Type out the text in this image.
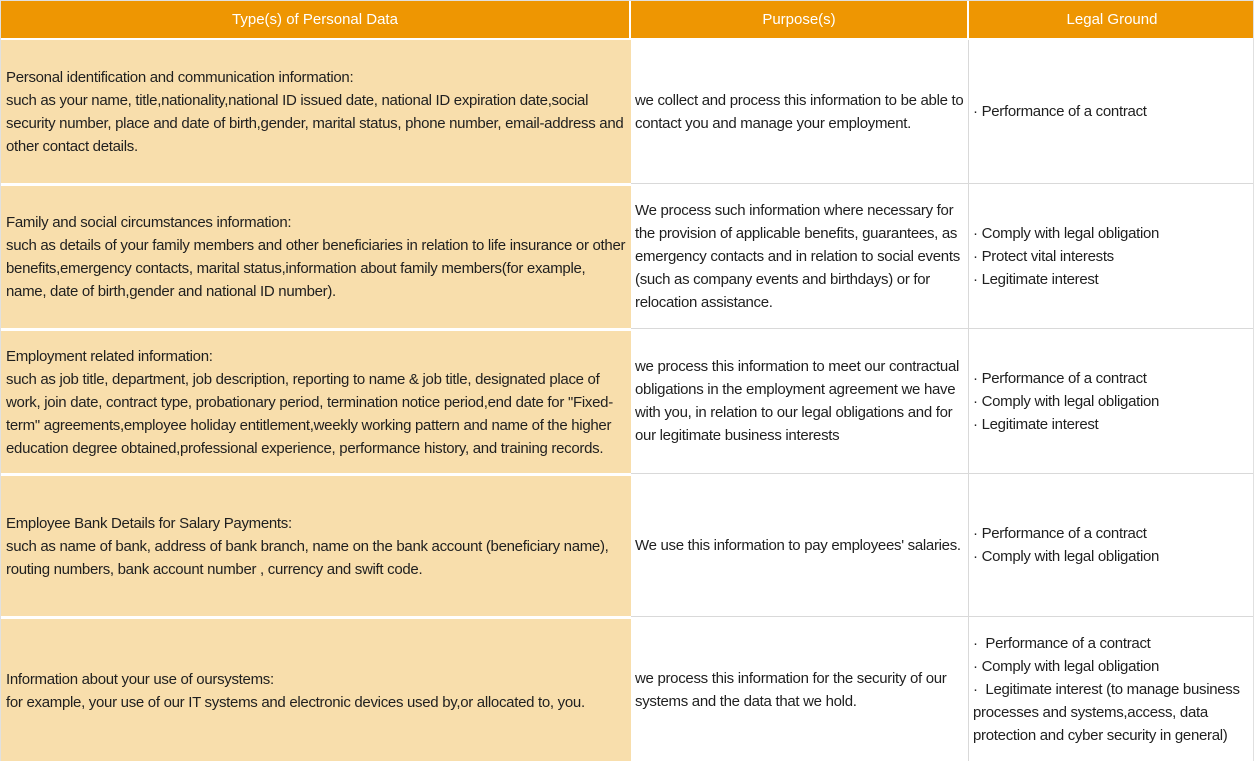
Type(s) of Personal Data	Purpose(s)	Legal Ground
Personal identification and communication information:
such as your name, title,nationality,national ID issued date, national ID expiration date,social security number, place and date of birth,gender, marital status, phone number, email-address and other contact details.
we collect and process this information to be able to contact you and manage your employment.
· Performance of a contract
Family and social circumstances information:
such as details of your family members and other beneficiaries in relation to life insurance or other benefits,emergency contacts, marital status,information about family members(for example, name, date of birth,gender and national ID number).
We process such information where necessary for the provision of applicable benefits, guarantees, as emergency contacts and in relation to social events (such as company events and birthdays) or for relocation assistance.
· Comply with legal obligation
· Protect vital interests
· Legitimate interest
Employment related information:
such as job title, department, job description, reporting to name & job title, designated place of work, join date, contract type, probationary period, termination notice period,end date for ''Fixed-term'' agreements,employee holiday entitlement,weekly working pattern and name of the higher education degree obtained,professional experience, performance history, and training records.
we process this information to meet our contractual obligations in the employment agreement we have with you, in relation to our legal obligations and for our legitimate business interests
· Performance of a contract
· Comply with legal obligation
· Legitimate interest
Employee Bank Details for Salary Payments:
such as name of bank, address of bank branch, name on the bank account (beneficiary name), routing numbers, bank account number , currency and swift code.
We use this information to pay employees' salaries.
· Performance of a contract
· Comply with legal obligation
Information about your use of oursystems:
for example, your use of our IT systems and electronic devices used by,or allocated to, you.
we process this information for the security of our systems and the data that we hold.
·  Performance of a contract
· Comply with legal obligation
·  Legitimate interest (to manage business processes and systems,access, data protection and cyber security in general)
